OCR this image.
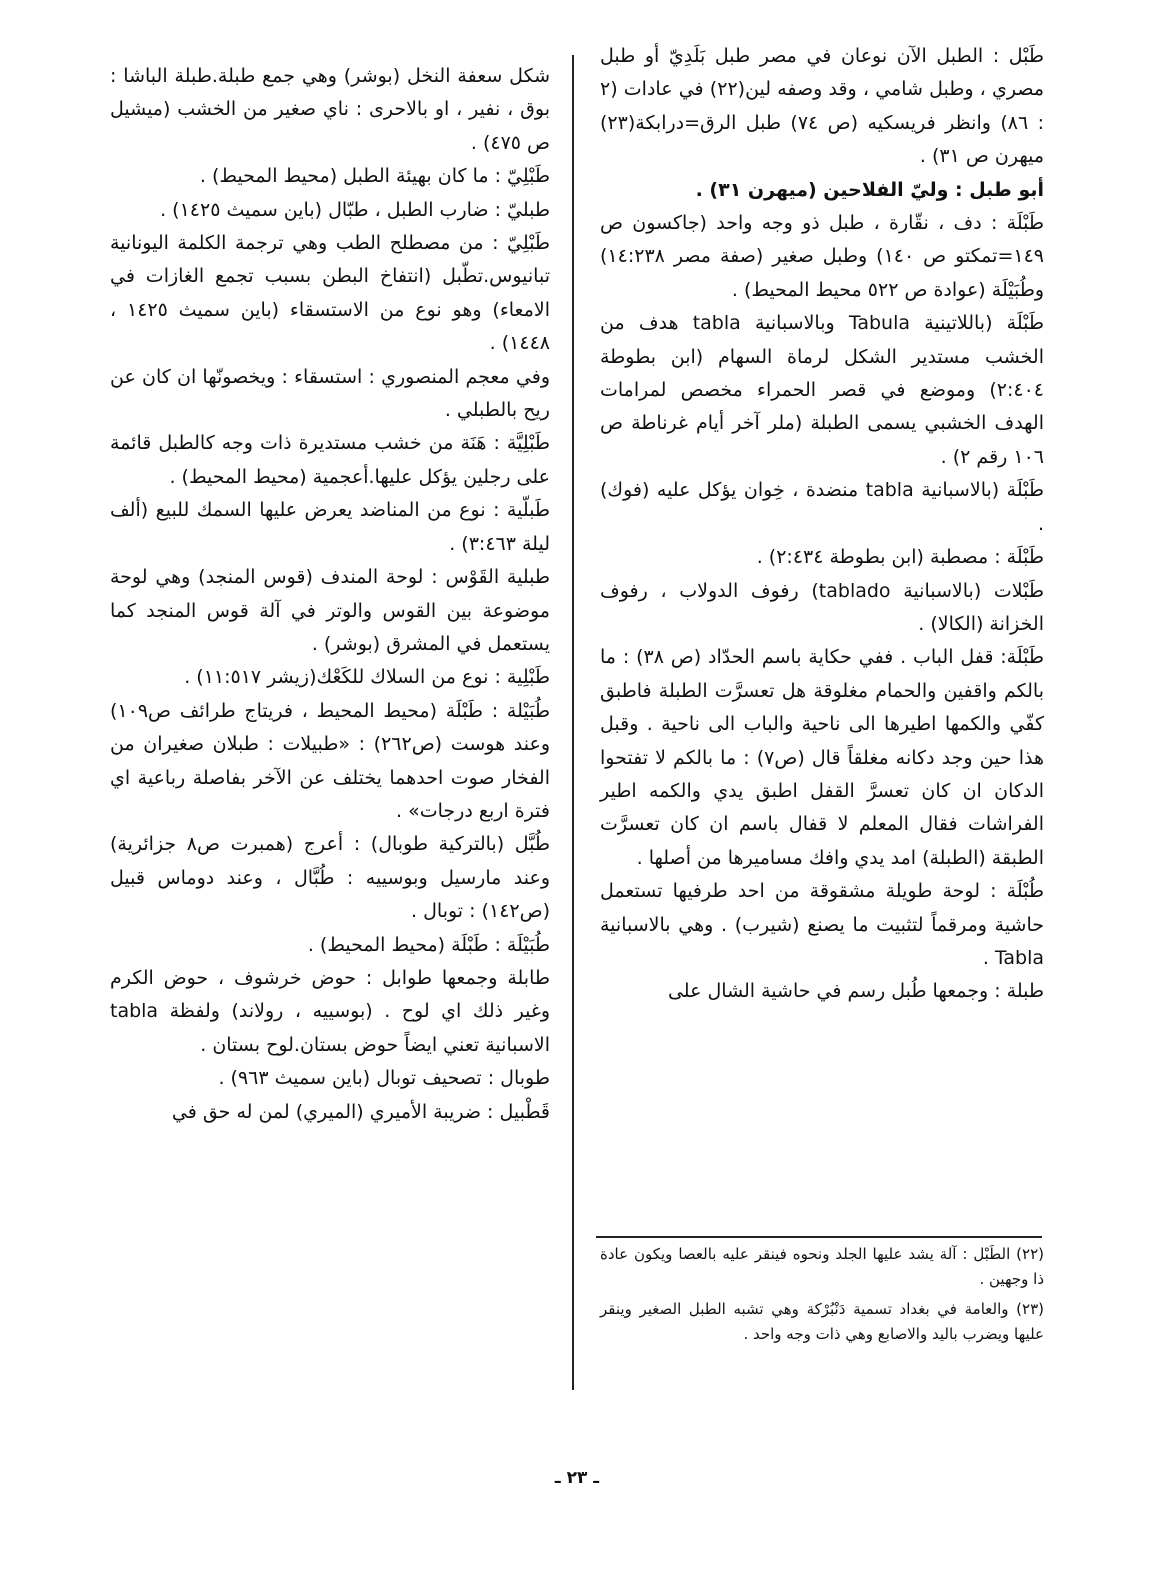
طَبْل : الطبل الآن نوعان في مصر طبل بَلَدِيّ أو طبل مصري ، وطبل شامي ، وقد وصفه لين(٢٢) في عادات (٢ : ٨٦) وانظر فريسكيه (ص ٧٤) طبل الرق=درابكة(٢٣) ميهرن ص ٣١) .

أبو طبل : وليّ الفلاحين (ميهرن ٣١) .

طَبْلَة : دف ، نقّارة ، طبل ذو وجه واحد (جاكسون ص ١٤٩=تمكتو ص ١٤٠) وطبل صغير (صفة مصر ١٤:٢٣٨) وطُبَيْلَة (عوادة ص ٥٢٢ محيط المحيط) .

طَبْلَة (باللاتينية Tabula وبالاسبانية tabla هدف من الخشب مستدير الشكل لرماة السهام (ابن بطوطة ٢:٤٠٤) وموضع في قصر الحمراء مخصص لمرامات الهدف الخشبي يسمى الطبلة (ملر آخر أيام غرناطة ص ١٠٦ رقم ٢) .

طَبْلَة (بالاسبانية tabla منضدة ، خِوان يؤكل عليه (فوك) .

طَبْلَة : مصطبة (ابن بطوطة ٢:٤٣٤) .

طَبْلات (بالاسبانية tablado) رفوف الدولاب ، رفوف الخزانة (الكالا) .

طَبْلَة: قفل الباب . ففي حكاية باسم الحدّاد (ص ٣٨) : ما بالكم واقفين والحمام مغلوقة هل تعسرَّت الطبلة فاطبق كفّي والكمها اطيرها الى ناحية والباب الى ناحية . وقبل هذا حين وجد دكانه مغلقاً قال (ص٧) : ما بالكم لا تفتحوا الدكان ان كان تعسرَّ القفل اطبق يدي والكمه اطير الفراشات فقال المعلم لا قفال باسم ان كان تعسرَّت الطبقة (الطبلة) امد يدي وافك مساميرها من أصلها .

طُبْلَة : لوحة طويلة مشقوقة من احد طرفيها تستعمل حاشية ومرقماً لتثبيت ما يصنع (شيرب) . وهي بالاسبانية Tabla .

طبلة : وجمعها طُبل رسم في حاشية الشال على

شكل سعفة النخل (بوشر) وهي جمع طبلة.طبلة الباشا : بوق ، نفير ، او بالاحرى : ناي صغير من الخشب (ميشيل ص ٤٧٥) .

طَبْلِيّ : ما كان بهيئة الطبل (محيط المحيط) .

طبليّ : ضارب الطبل ، طبّال (باين سميث ١٤٢٥) .

طَبْلِيّ : من مصطلح الطب وهي ترجمة الكلمة اليونانية تبانيوس.تطّبل (انتفاخ البطن بسبب تجمع الغازات في الامعاء) وهو نوع من الاستسقاء (باين سميث ١٤٢٥ ، ١٤٤٨) .

وفي معجم المنصوري : استسقاء : ويخصونّها ان كان عن ريح بالطبلي .

طَبْلِيَّة : هَنَة من خشب مستديرة ذات وجه كالطبل قائمة على رجلين يؤكل عليها.أعجمية (محيط المحيط) .

طَبلّية : نوع من المناضد يعرض عليها السمك للبيع (ألف ليلة ٣:٤٦٣) .

طبلية القَوْس : لوحة المندف (قوس المنجد) وهي لوحة موضوعة بين القوس والوتر في آلة قوس المنجد كما يستعمل في المشرق (بوشر) .

طَبْلِية : نوع من السلاك للكَعْك(زيشر ١١:٥١٧) .

طُبَيْلة : طَبْلَة (محيط المحيط ، فريتاج طرائف ص١٠٩) وعند هوست (ص٢٦٢) : «طبيلات : طبلان صغيران من الفخار صوت احدهما يختلف عن الآخر بفاصلة رباعية اي فترة اربع درجات» .

طُبَّل (بالتركية طوبال) : أعرج (همبرت ص٨ جزائرية) وعند مارسيل وبوسييه : طُبَّال ، وعند دوماس قبيل (ص١٤٢) : توبال .

طُبَيْلَة : طَبْلَة (محيط المحيط) .

طابلة وجمعها طوابل : حوض خرشوف ، حوض الكرم وغير ذلك اي لوح . (بوسييه ، رولاند) ولفظة tabla الاسبانية تعني ايضاً حوض بستان.لوح بستان .

طوبال : تصحيف توبال (باين سميث ٩٦٣) .

قَطْبيل : ضريبة الأميري (الميري) لمن له حق في

(٢٢) الطَبْل : آلة يشد عليها الجلد ونحوه فينقر عليه بالعصا ويكون عادة ذا وجهين .

(٢٣) والعامة في بغداد تسمية دَنْبُرْكة وهي تشبه الطبل الصغير وينقر عليها ويضرب باليد والاصابع وهي ذات وجه واحد .

ـ ٢٣ ـ
